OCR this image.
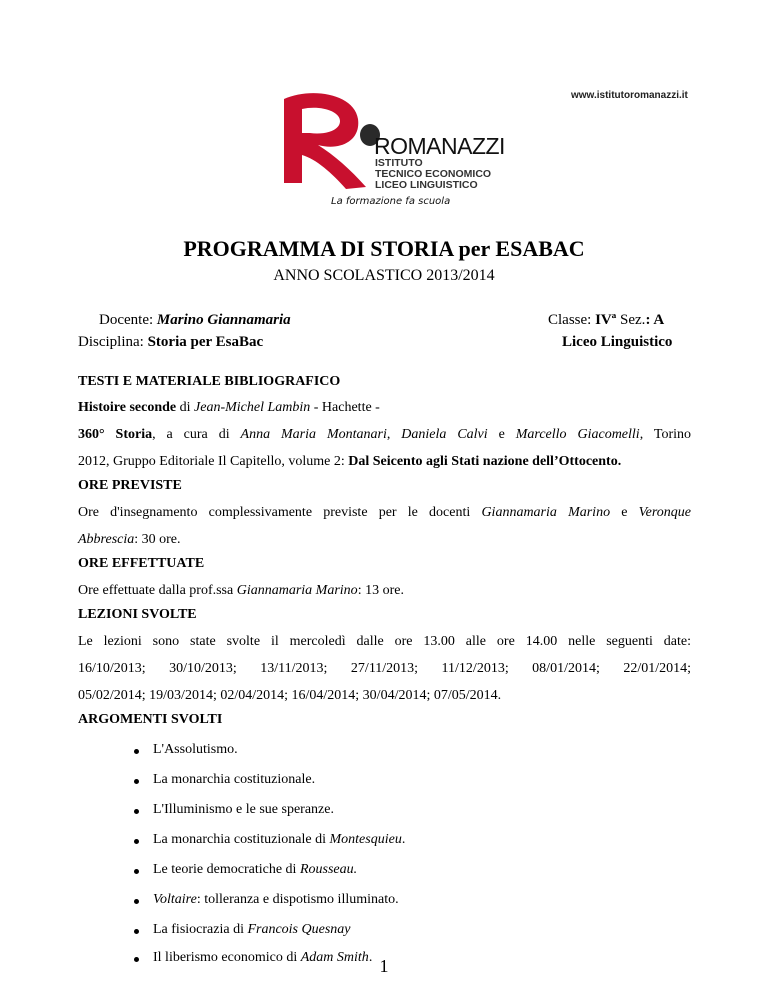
www.istitutoromanazzi.it
ROMANAZZI
ISTITUTO
TECNICO ECONOMICO
LICEO LINGUISTICO
La formazione fa scuola
PROGRAMMA DI STORIA per ESABAC
ANNO SCOLASTICO 2013/2014
Docente: Marino Giannamaria
Disciplina: Storia per EsaBac
Classe: IVª Sez.: A
Liceo Linguistico
TESTI E MATERIALE BIBLIOGRAFICO
Histoire seconde di Jean-Michel Lambin - Hachette -
360° Storia, a cura di Anna Maria Montanari, Daniela Calvi e Marcello Giacomelli, Torino
2012, Gruppo Editoriale Il Capitello, volume 2: Dal Seicento agli Stati nazione dell’Ottocento.
ORE PREVISTE
Ore d'insegnamento complessivamente previste per le docenti Giannamaria Marino e Veronque
Abbrescia: 30 ore.
ORE EFFETTUATE
Ore effettuate dalla prof.ssa Giannamaria Marino: 13 ore.
LEZIONI SVOLTE
Le lezioni sono state svolte il mercoledì dalle ore 13.00 alle ore 14.00 nelle seguenti date:
16/10/2013; 30/10/2013; 13/11/2013; 27/11/2013; 11/12/2013; 08/01/2014; 22/01/2014;
05/02/2014; 19/03/2014; 02/04/2014; 16/04/2014; 30/04/2014; 07/05/2014.
ARGOMENTI SVOLTI
L'Assolutismo.
La monarchia costituzionale.
L'Illuminismo e le sue speranze.
La monarchia costituzionale di Montesquieu.
Le teorie democratiche di Rousseau.
Voltaire: tolleranza e dispotismo illuminato.
La fisiocrazia di Francois Quesnay
Il liberismo economico di Adam Smith. 1
